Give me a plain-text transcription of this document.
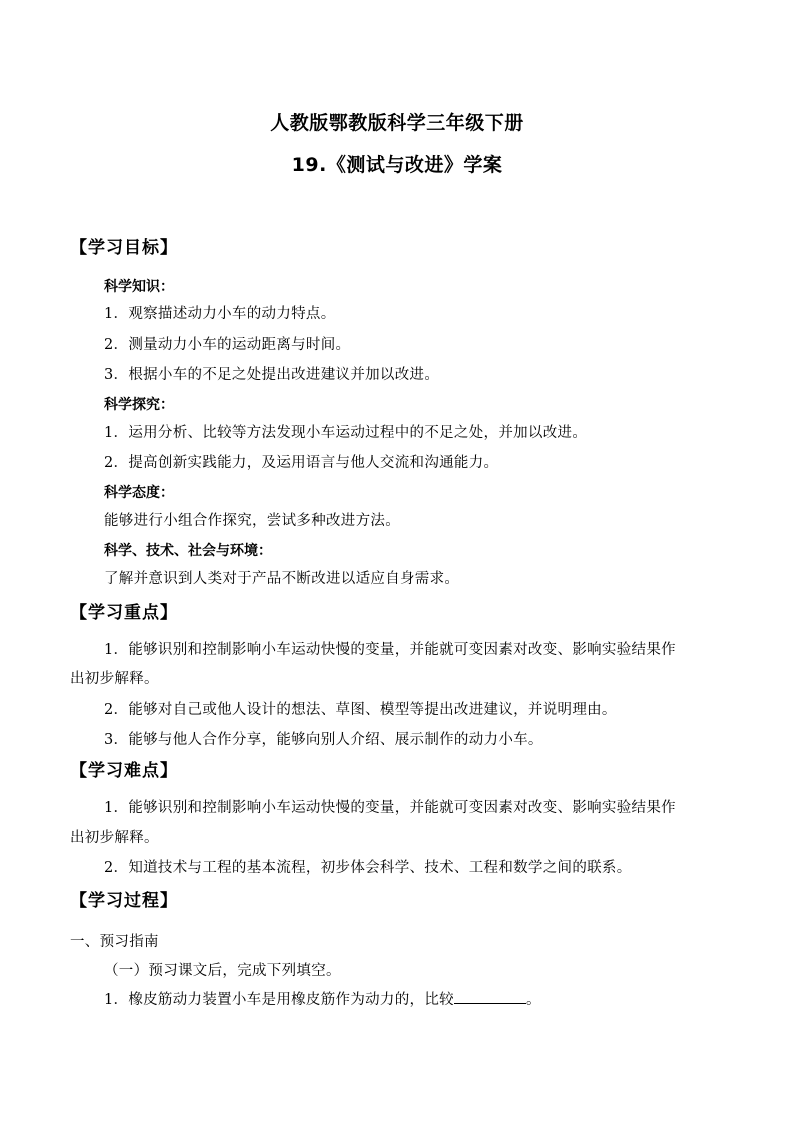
人教版鄂教版科学三年级下册
19.《测试与改进》学案
【学习目标】
科学知识：
1．观察描述动力小车的动力特点。
2．测量动力小车的运动距离与时间。
3．根据小车的不足之处提出改进建议并加以改进。
科学探究：
1．运用分析、比较等方法发现小车运动过程中的不足之处，并加以改进。
2．提高创新实践能力，及运用语言与他人交流和沟通能力。
科学态度：
能够进行小组合作探究，尝试多种改进方法。
科学、技术、社会与环境：
了解并意识到人类对于产品不断改进以适应自身需求。
【学习重点】
1．能够识别和控制影响小车运动快慢的变量，并能就可变因素对改变、影响实验结果作
出初步解释。
2．能够对自己或他人设计的想法、草图、模型等提出改进建议，并说明理由。
3．能够与他人合作分享，能够向别人介绍、展示制作的动力小车。
【学习难点】
1．能够识别和控制影响小车运动快慢的变量，并能就可变因素对改变、影响实验结果作
出初步解释。
2．知道技术与工程的基本流程，初步体会科学、技术、工程和数学之间的联系。
【学习过程】
一、预习指南
（一）预习课文后，完成下列填空。
1．橡皮筋动力装置小车是用橡皮筋作为动力的，比较	。
